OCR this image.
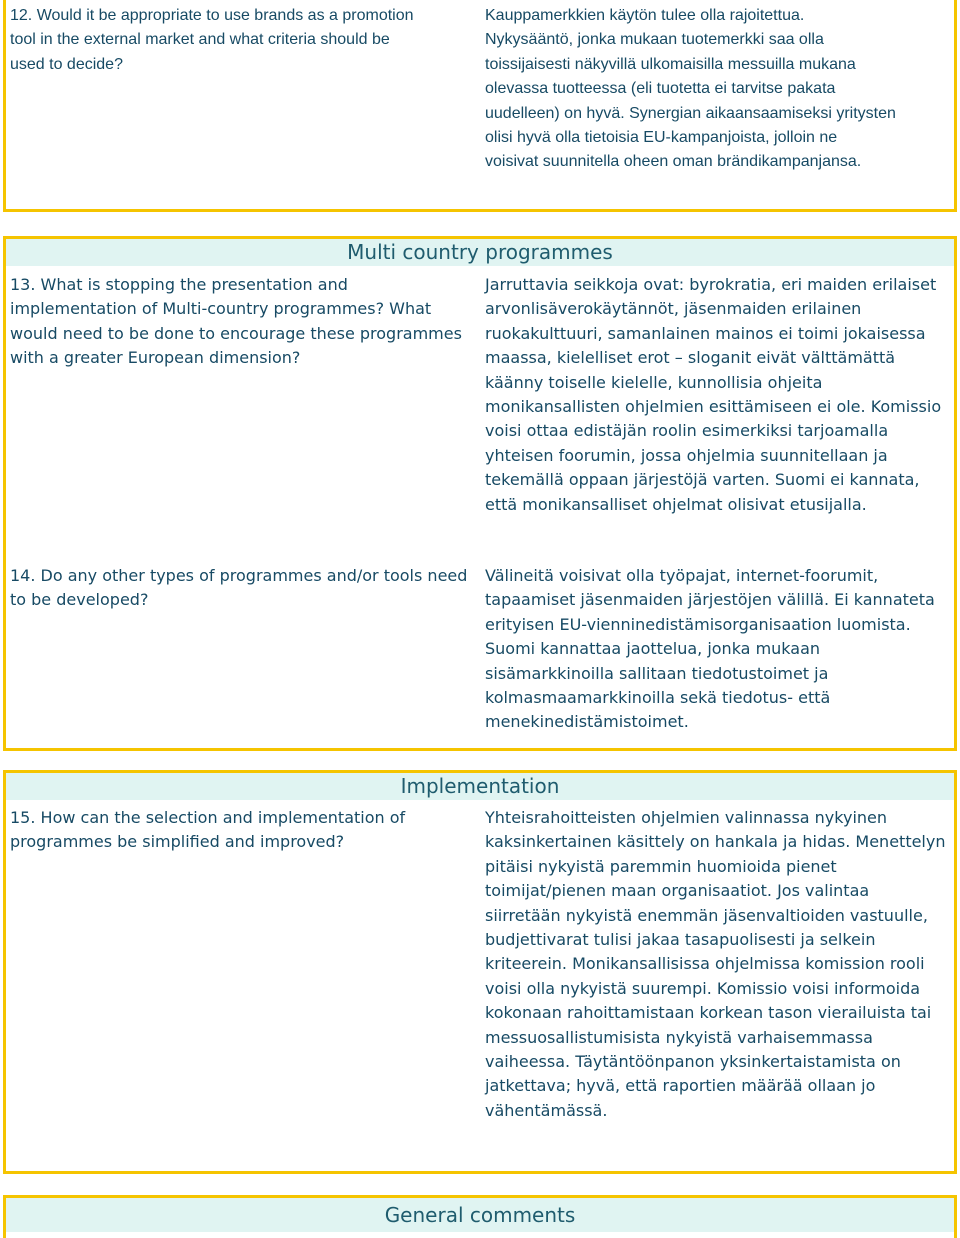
12. Would it be appropriate to use brands as a promotion
tool in the external market and what criteria should be
used to decide?
Kauppamerkkien käytön tulee olla rajoitettua.
Nykysääntö, jonka mukaan tuotemerkki saa olla
toissijaisesti näkyvillä ulkomaisilla messuilla mukana
olevassa tuotteessa (eli tuotetta ei tarvitse pakata
uudelleen) on hyvä. Synergian aikaansaamiseksi yritysten
olisi hyvä olla tietoisia EU-kampanjoista, jolloin ne
voisivat suunnitella oheen oman brändikampanjansa.
Multi country programmes
13. What is stopping the presentation and
implementation of Multi-country programmes? What
would need to be done to encourage these programmes
with a greater European dimension?
Jarruttavia seikkoja ovat: byrokratia, eri maiden erilaiset
arvonlisäverokäytännöt, jäsenmaiden erilainen
ruokakulttuuri, samanlainen mainos ei toimi jokaisessa
maassa, kielelliset erot – sloganit eivät välttämättä
käänny toiselle kielelle, kunnollisia ohjeita
monikansallisten ohjelmien esittämiseen ei ole. Komissio
voisi ottaa edistäjän roolin esimerkiksi tarjoamalla
yhteisen foorumin, jossa ohjelmia suunnitellaan ja
tekemällä oppaan järjestöjä varten. Suomi ei kannata,
että monikansalliset ohjelmat olisivat etusijalla.
14. Do any other types of programmes and/or tools need
to be developed?
Välineitä voisivat olla työpajat, internet-foorumit,
tapaamiset jäsenmaiden järjestöjen välillä. Ei kannateta
erityisen EU-vienninedistämisorganisaation luomista.
Suomi kannattaa jaottelua, jonka mukaan
sisämarkkinoilla sallitaan tiedotustoimet ja
kolmasmaamarkkinoilla sekä tiedotus- että
menekinedistämistoimet.
Implementation
15. How can the selection and implementation of
programmes be simplified and improved?
Yhteisrahoitteisten ohjelmien valinnassa nykyinen
kaksinkertainen käsittely on hankala ja hidas. Menettelyn
pitäisi nykyistä paremmin huomioida pienet
toimijat/pienen maan organisaatiot. Jos valintaa
siirretään nykyistä enemmän jäsenvaltioiden vastuulle,
budjettivarat tulisi jakaa tasapuolisesti ja selkein
kriteerein. Monikansallisissa ohjelmissa komission rooli
voisi olla nykyistä suurempi. Komissio voisi informoida
kokonaan rahoittamistaan korkean tason vierailuista tai
messuosallistumisista nykyistä varhaisemmassa
vaiheessa. Täytäntöönpanon yksinkertaistamista on
jatkettava; hyvä, että raportien määrää ollaan jo
vähentämässä.
General comments
